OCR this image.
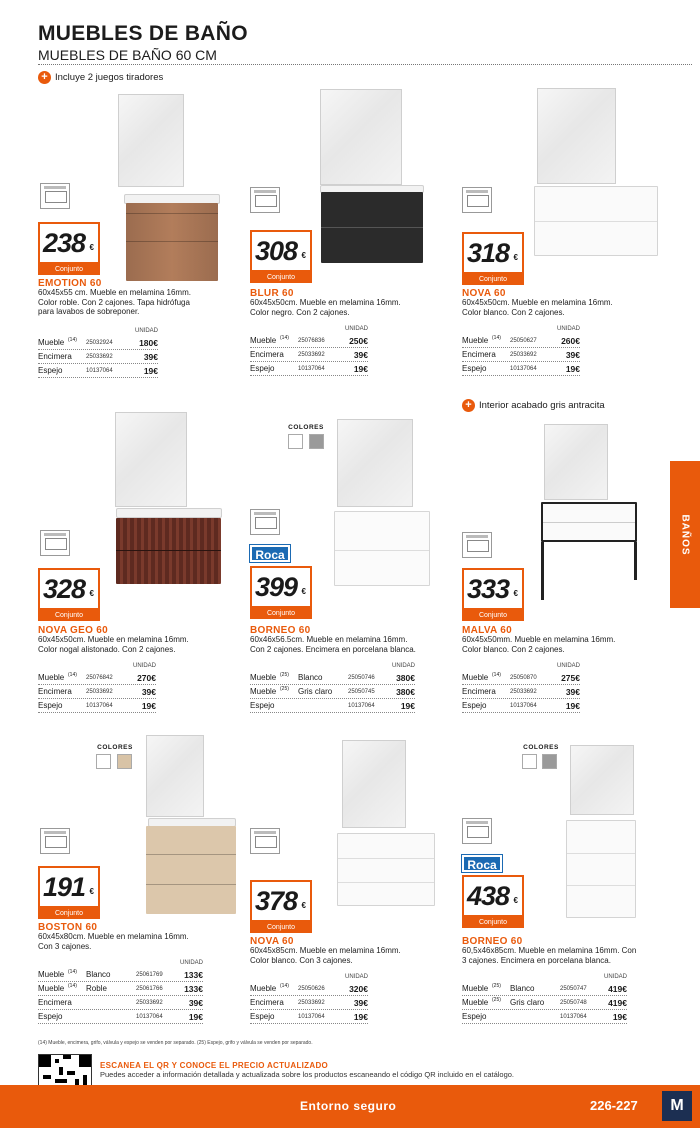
MUEBLES DE BAÑO
MUEBLES DE BAÑO 60 CM
+ Incluye 2 juegos tiradores
+ Interior acabado gris antracita
BAÑOS
COLORES
COLORES	COLORES
Roca
Roca
238 €
Conjunto
EMOTION 60
60x45x55 cm. Mueble en melamina 16mm.
Color roble. Con 2 cajones. Tapa hidrófuga
para lavabos de sobreponer.
UNIDAD
Mueble $^{(14)}$ 25032924	180€
Encimera 25033692	39€
Espejo	10137064	19€
308 €
Conjunto
BLUR 60
60x45x50cm. Mueble en melamina 16mm.
Color negro. Con 2 cajones.
UNIDAD
Mueble $^{(14)}$ 25076836	250€
Encimera 25033692	39€
Espejo	10137064	19€
318 €
Conjunto
NOVA 60
60x45x50cm. Mueble en melamina 16mm.
Color blanco. Con 2 cajones.
UNIDAD
Mueble $^{(14)}$ 25050627	260€
Encimera 25033692	39€
Espejo	10137064	19€
328 €
Conjunto
NOVA GEO 60
60x45x50cm. Mueble en melamina 16mm.
Color nogal alistonado. Con 2 cajones.
UNIDAD
Mueble $^{(14)}$ 25076842	270€
Encimera 25033692	39€
Espejo	10137064	19€
399 €
Conjunto
BORNEO 60
60x46x56.5cm. Mueble en melamina 16mm.
Con 2 cajones. Encimera en porcelana blanca.
UNIDAD
Mueble $^{(25)}$ Blanco	25050746	380€
Mueble $^{(25)}$ Gris claro	25050745	380€
Espejo	10137064	19€
333 €
Conjunto
MALVA 60
60x45x50mm. Mueble en melamina 16mm.
Color blanco. Con 2 cajones.
UNIDAD
Mueble $^{(14)}$ 25050870	275€
Encimera 25033692	39€
Espejo	10137064	19€
191 €
Conjunto
BOSTON 60
60x45x80cm. Mueble en melamina 16mm.
Con 3 cajones.
UNIDAD
Mueble $^{(14)}$ Blanco	25061769	133€
Mueble $^{(14)}$ Roble	25061766	133€
Encimera	25033692	39€
Espejo	10137064	19€
378 €
Conjunto
NOVA 60
60x45x85cm. Mueble en melamina 16mm.
Color blanco. Con 3 cajones.
UNIDAD
Mueble $^{(14)}$ 25050626	320€
Encimera 25033692	39€
Espejo	10137064	19€
438 €
Conjunto
BORNEO 60
60,5x46x85cm. Mueble en melamina 16mm. Con
3 cajones. Encimera en porcelana blanca.
UNIDAD
Mueble $^{(25)}$ Blanco	25050747	419€
Mueble $^{(25)}$ Gris claro	25050748	419€
Espejo	10137064	19€
(14) Mueble, encimera, grifo, válvula y espejo se venden por separado. (25) Espejo, grifo y válvula se venden por separado.
ESCANEA EL QR Y CONOCE EL PRECIO ACTUALIZADO
Puedes acceder a información detallada y actualizada sobre los productos escaneando el código QR incluido en el catálogo.
Entorno seguro	226-227	M
